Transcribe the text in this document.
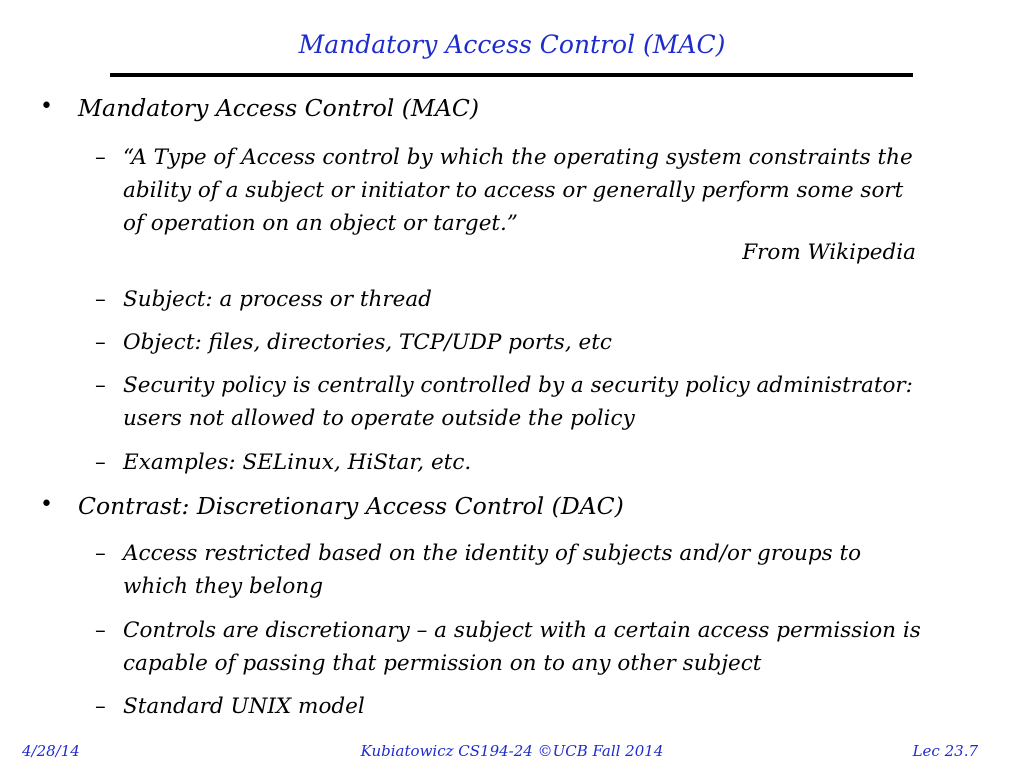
Mandatory Access Control (MAC)
• Mandatory Access Control (MAC)
– “A Type of Access control by which the operating system constraints the ability of a subject or initiator to access or generally perform some sort of operation on an object or target.”
From Wikipedia
– Subject: a process or thread
– Object: files, directories, TCP/UDP ports, etc
– Security policy is centrally controlled by a security policy administrator: users not allowed to operate outside the policy
– Examples: SELinux, HiStar, etc.
• Contrast: Discretionary Access Control (DAC)
– Access restricted based on the identity of subjects and/or groups to which they belong
– Controls are discretionary – a subject with a certain access permission is capable of passing that permission on to any other subject
– Standard UNIX model
Kubiatowicz CS194-24 ©UCB Fall 2014
4/28/14	Lec 23.7
